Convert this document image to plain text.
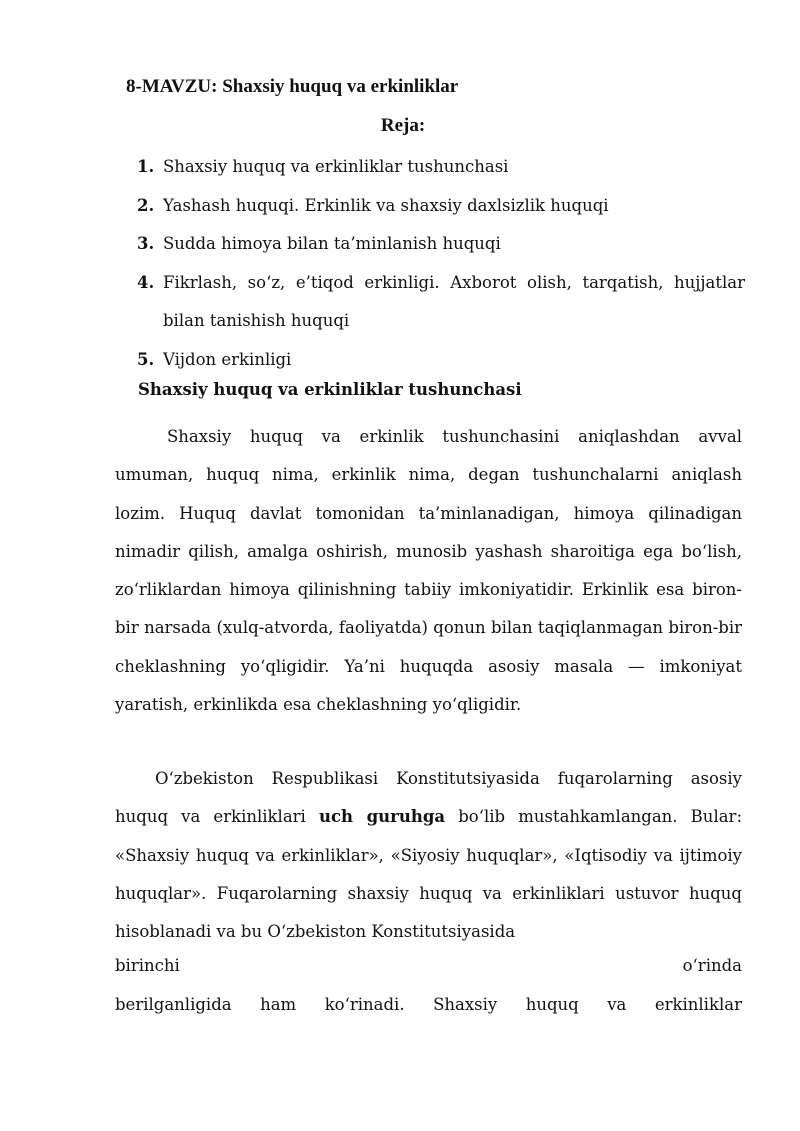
8-MAVZU: Shaxsiy huquq va erkinliklar
Reja:
1. Shaxsiy huquq va erkinliklar tushunchasi
2. Yashash huquqi. Erkinlik va shaxsiy daxlsizlik huquqi
3. Sudda himoya bilan ta’minlanish huquqi
4. Fikrlash, so‘z, e’tiqod erkinligi. Axborot olish, tarqatish, hujjatlar bilan tanishish huquqi
5. Vijdon erkinligi
Shaxsiy huquq va erkinliklar tushunchasi

Shaxsiy huquq va erkinlik tushunchasini aniqlashdan avval umuman, huquq nima, erkinlik nima, degan tushunchalarni aniqlash lozim. Huquq davlat tomonidan ta’minlanadigan, himoya qilinadigan nimadir qilish, amalga oshirish, munosib yashash sharoitiga ega bo‘lish, zo‘rliklardan himoya qilinishning tabiiy imkoniyatidir. Erkinlik esa biron-bir narsada (xulq-atvorda, faoliyatda) qonun bilan taqiqlanmagan biron-bir cheklashning yo‘qligidir. Ya’ni huquqda asosiy masala — imkoniyat yaratish, erkinlikda esa cheklashning yo‘qligidir.

O‘zbekiston Respublikasi Konstitutsiyasida fuqarolarning asosiy huquq va erkinliklari uch guruhga bo‘lib mustahkamlangan. Bular: «Shaxsiy huquq va erkinliklar», «Siyosiy huquqlar», «Iqtisodiy va ijtimoiy huquqlar». Fuqarolarning shaxsiy huquq va erkinliklari ustuvor huquq hisoblanadi va bu O‘zbekiston Konstitutsiyasida

birinchi	o‘rinda
berilganligida ham ko‘rinadi. Shaxsiy huquq va erkinliklar
